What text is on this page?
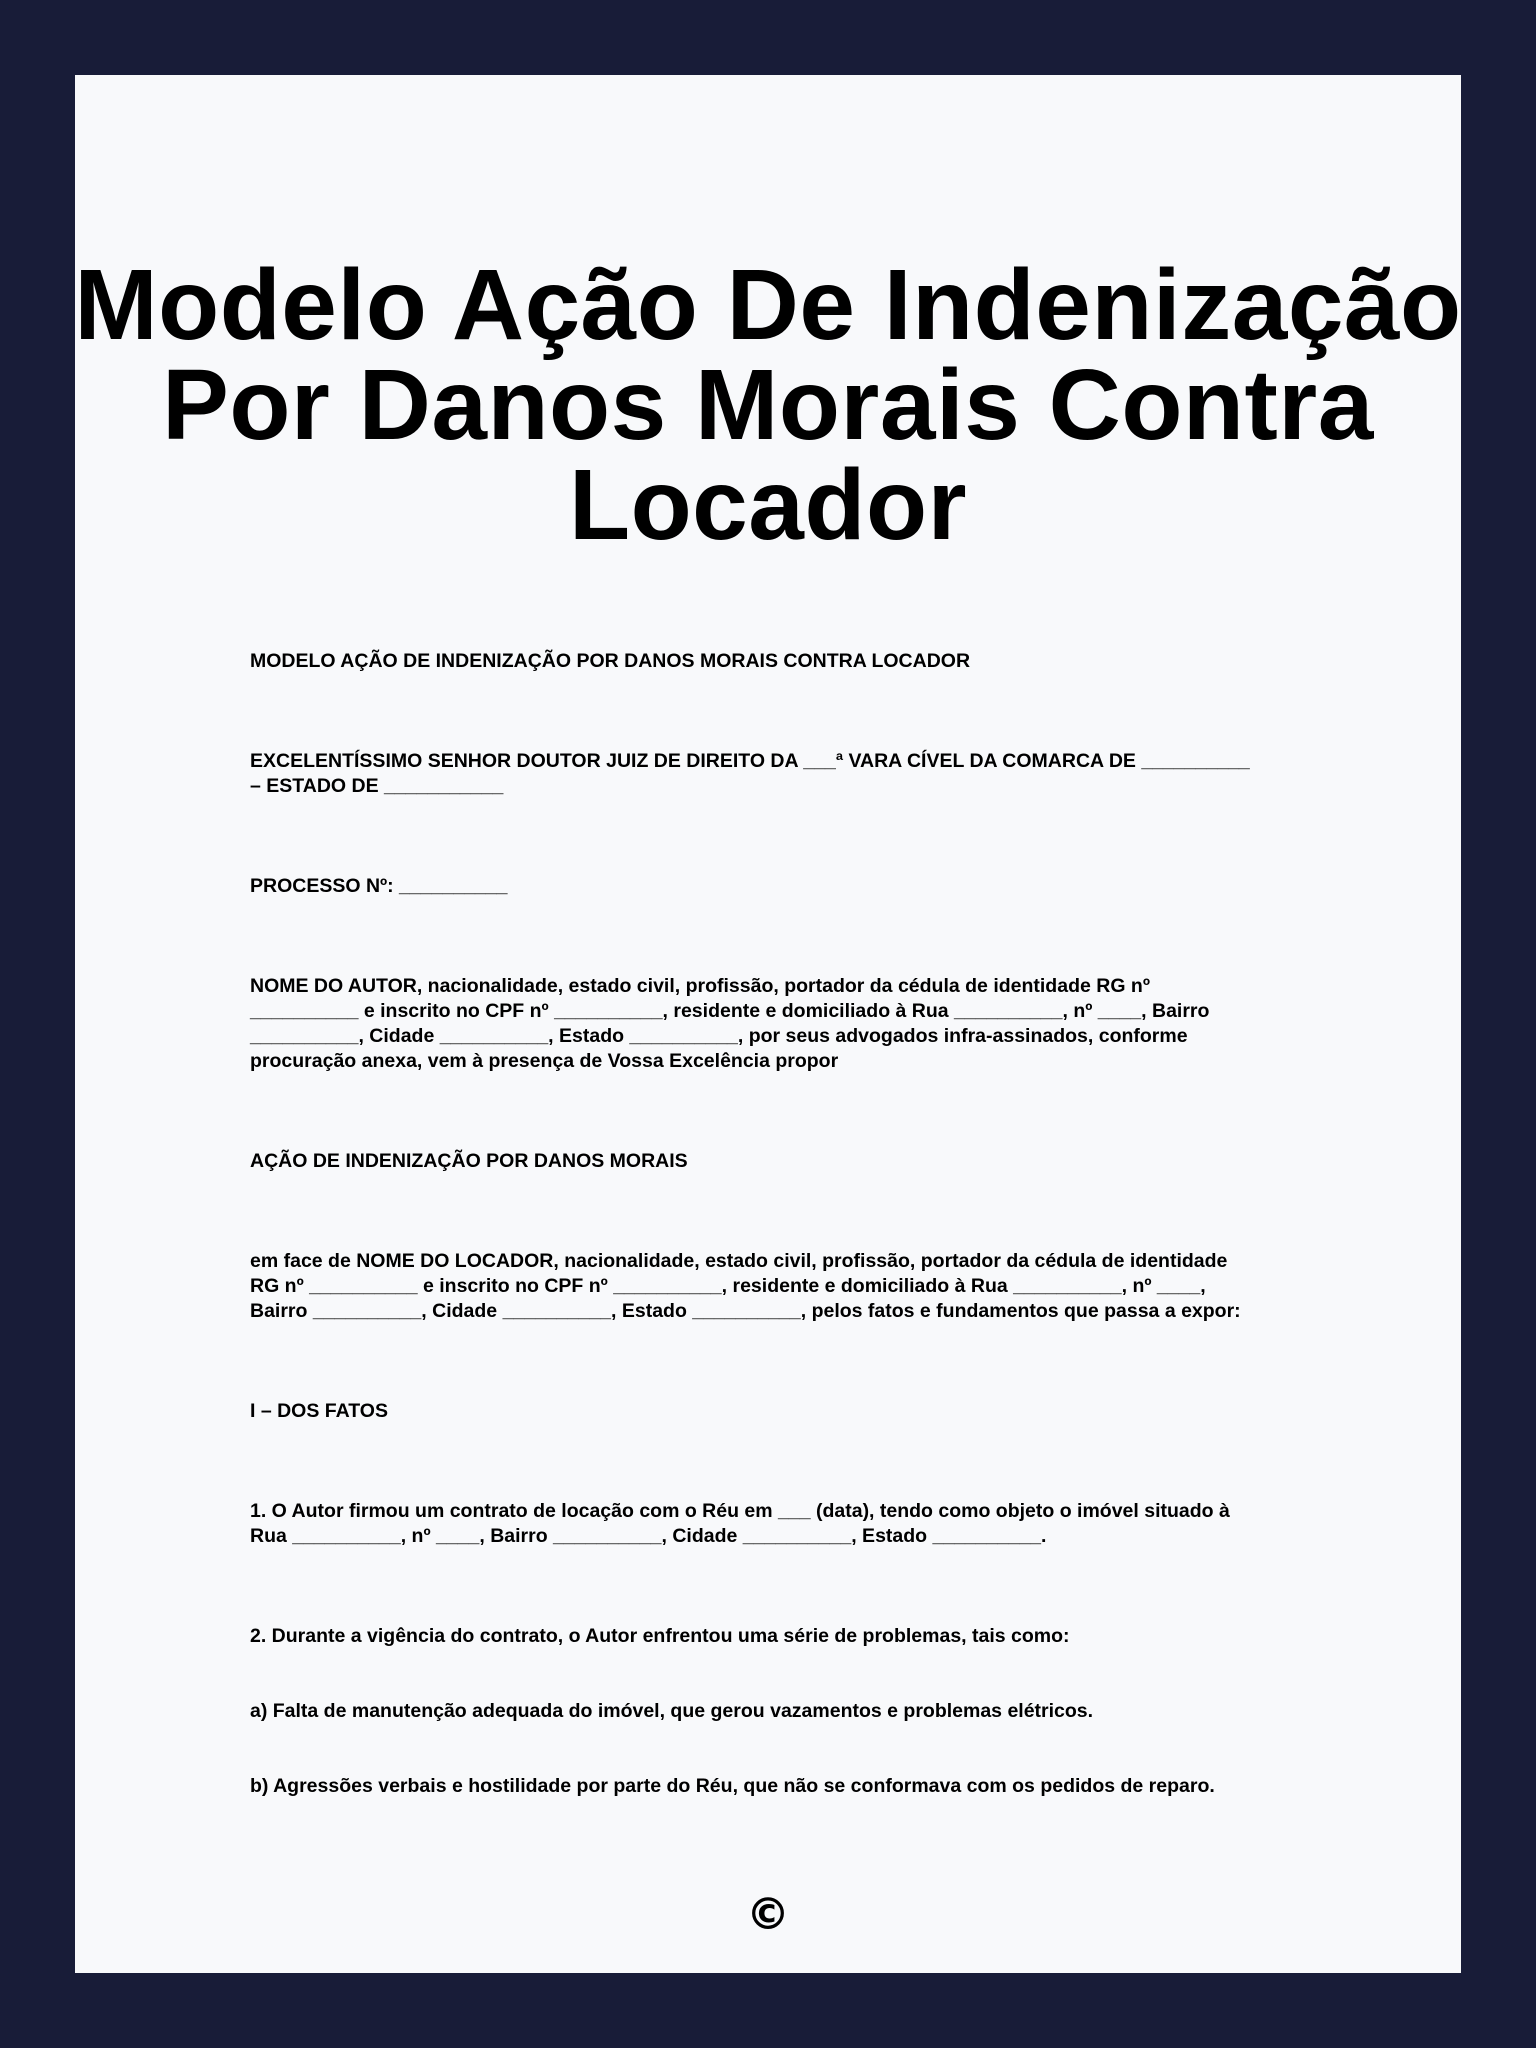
Modelo Ação De Indenização Por Danos Morais Contra Locador

MODELO AÇÃO DE INDENIZAÇÃO POR DANOS MORAIS CONTRA LOCADOR

EXCELENTÍSSIMO SENHOR DOUTOR JUIZ DE DIREITO DA ___ª VARA CÍVEL DA COMARCA DE __________
– ESTADO DE ___________

PROCESSO Nº: __________

NOME DO AUTOR, nacionalidade, estado civil, profissão, portador da cédula de identidade RG nº
__________ e inscrito no CPF nº __________, residente e domiciliado à Rua __________, nº ____, Bairro
__________, Cidade __________, Estado __________, por seus advogados infra-assinados, conforme
procuração anexa, vem à presença de Vossa Excelência propor

AÇÃO DE INDENIZAÇÃO POR DANOS MORAIS

em face de NOME DO LOCADOR, nacionalidade, estado civil, profissão, portador da cédula de identidade
RG nº __________ e inscrito no CPF nº __________, residente e domiciliado à Rua __________, nº ____,
Bairro __________, Cidade __________, Estado __________, pelos fatos e fundamentos que passa a expor:

I – DOS FATOS

1. O Autor firmou um contrato de locação com o Réu em ___ (data), tendo como objeto o imóvel situado à
Rua __________, nº ____, Bairro __________, Cidade __________, Estado __________.

2. Durante a vigência do contrato, o Autor enfrentou uma série de problemas, tais como:

a) Falta de manutenção adequada do imóvel, que gerou vazamentos e problemas elétricos.

b) Agressões verbais e hostilidade por parte do Réu, que não se conformava com os pedidos de reparo.

©
